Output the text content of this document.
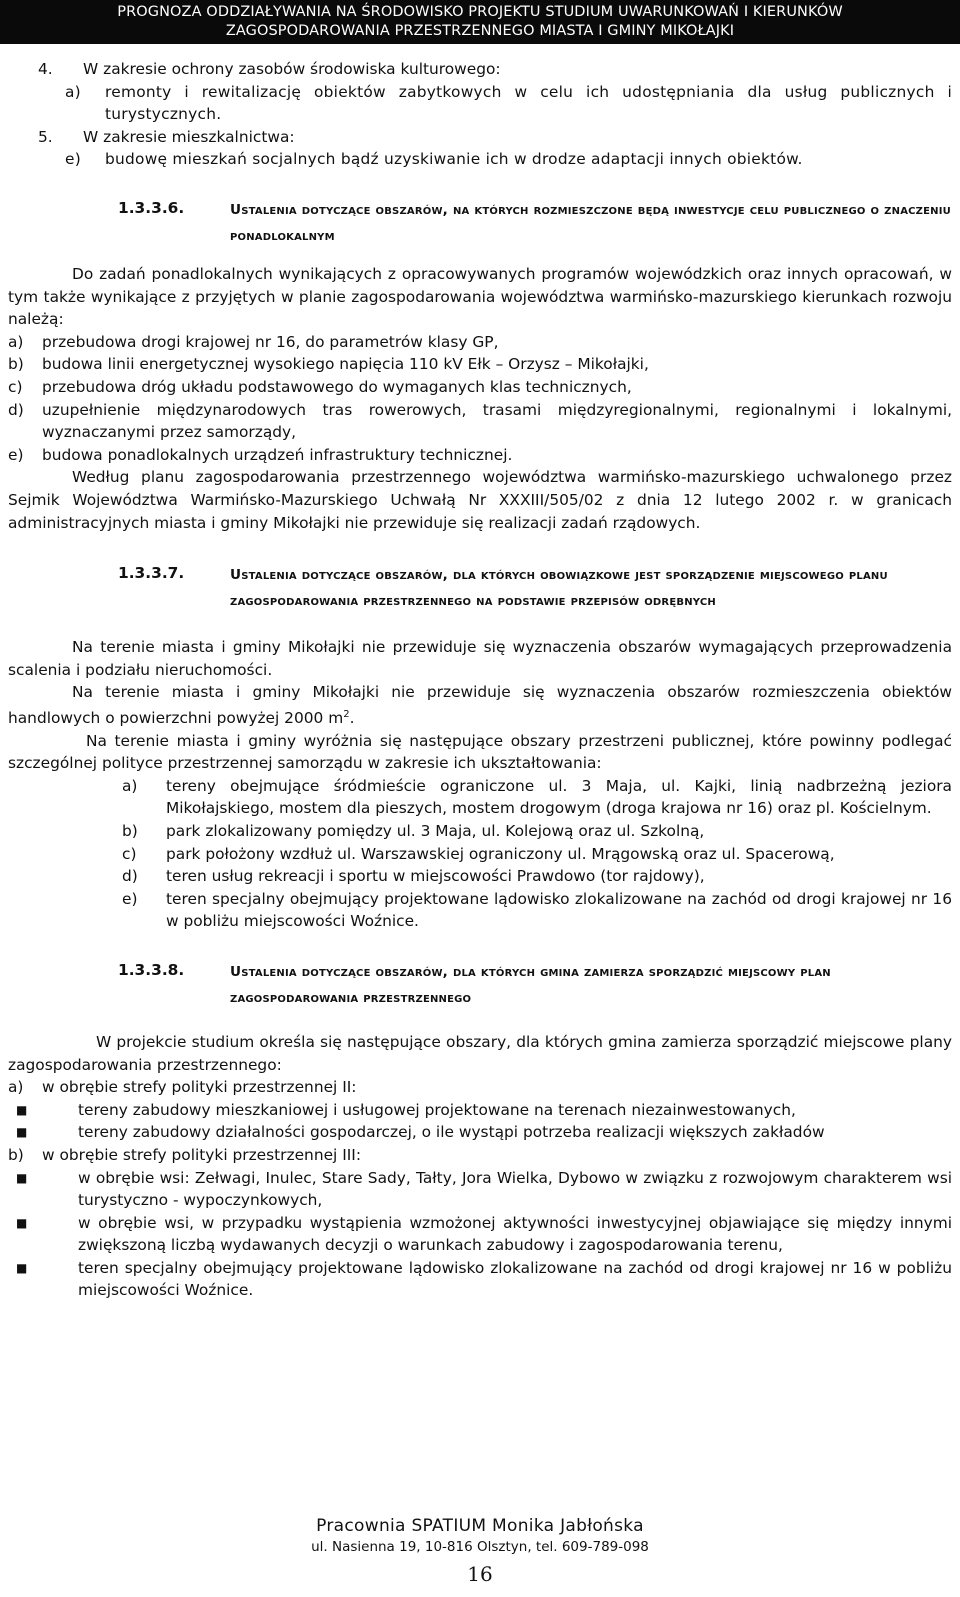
PROGNOZA ODDZIAŁYWANIA NA ŚRODOWISKO PROJEKTU STUDIUM UWARUNKOWAŃ I KIERUNKÓW
ZAGOSPODAROWANIA PRZESTRZENNEGO MIASTA I GMINY MIKOŁAJKI
4.	W zakresie ochrony zasobów środowiska kulturowego:
a)	remonty i rewitalizację obiektów zabytkowych w celu ich udostępniania dla usług publicznych i turystycznych.
5.	W zakresie mieszkalnictwa:
e)	budowę mieszkań socjalnych bądź uzyskiwanie ich w drodze adaptacji innych obiektów.
1.3.3.6.	Ustalenia dotyczące obszarów, na których rozmieszczone będą inwestycje celu publicznego o znaczeniu ponadlokalnym
Do zadań ponadlokalnych wynikających z opracowywanych programów wojewódzkich oraz innych opracowań, w tym także wynikające z przyjętych w planie zagospodarowania województwa warmińsko-mazurskiego kierunkach rozwoju należą:
a)	przebudowa drogi krajowej nr 16, do parametrów klasy GP,
b)	budowa linii energetycznej wysokiego napięcia 110 kV Ełk – Orzysz – Mikołajki,
c)	przebudowa dróg układu podstawowego do wymaganych klas technicznych,
d)	uzupełnienie międzynarodowych tras rowerowych, trasami międzyregionalnymi, regionalnymi i lokalnymi, wyznaczanymi przez samorządy,
e)	budowa ponadlokalnych urządzeń infrastruktury technicznej.
Według planu zagospodarowania przestrzennego województwa warmińsko-mazurskiego uchwalonego przez Sejmik Województwa Warmińsko-Mazurskiego Uchwałą Nr XXXIII/505/02 z dnia 12 lutego 2002 r. w granicach administracyjnych miasta i gminy Mikołajki nie przewiduje się realizacji zadań rządowych.
1.3.3.7.	Ustalenia dotyczące obszarów, dla których obowiązkowe jest sporządzenie miejscowego planu zagospodarowania przestrzennego na podstawie przepisów odrębnych
Na terenie miasta i gminy Mikołajki nie przewiduje się wyznaczenia obszarów wymagających przeprowadzenia scalenia i podziału nieruchomości.
Na terenie miasta i gminy Mikołajki nie przewiduje się wyznaczenia obszarów rozmieszczenia obiektów handlowych o powierzchni powyżej 2000 $m^2$.
Na terenie miasta i gminy wyróżnia się następujące obszary przestrzeni publicznej, które powinny podlegać szczególnej polityce przestrzennej samorządu w zakresie ich ukształtowania:
a)	tereny obejmujące śródmieście ograniczone ul. 3 Maja, ul. Kajki, linią nadbrzeżną jeziora Mikołajskiego, mostem dla pieszych, mostem drogowym (droga krajowa nr 16) oraz pl. Kościelnym.
b)	park zlokalizowany pomiędzy ul. 3 Maja, ul. Kolejową oraz ul. Szkolną,
c)	park położony wzdłuż ul. Warszawskiej ograniczony ul. Mrągowską oraz ul. Spacerową,
d)	teren usług rekreacji i sportu w miejscowości Prawdowo (tor rajdowy),
e)	teren specjalny obejmujący projektowane lądowisko zlokalizowane na zachód od drogi krajowej nr 16 w pobliżu miejscowości Woźnice.
1.3.3.8.	Ustalenia dotyczące obszarów, dla których gmina zamierza sporządzić miejscowy plan zagospodarowania przestrzennego
W projekcie studium określa się następujące obszary, dla których gmina zamierza sporządzić miejscowe plany zagospodarowania przestrzennego:
a)	w obrębie strefy polityki przestrzennej II:
■	tereny zabudowy mieszkaniowej i usługowej projektowane na terenach niezainwestowanych,
■	tereny zabudowy działalności gospodarczej, o ile wystąpi potrzeba realizacji większych zakładów
b)	w obrębie strefy polityki przestrzennej III:
■	w obrębie wsi: Zełwagi, Inulec, Stare Sady, Tałty, Jora Wielka, Dybowo w związku z rozwojowym charakterem wsi turystyczno - wypoczynkowych,
■	w obrębie wsi, w przypadku wystąpienia wzmożonej aktywności inwestycyjnej objawiające się między innymi zwiększoną liczbą wydawanych decyzji o warunkach zabudowy i zagospodarowania terenu,
■	teren specjalny obejmujący projektowane lądowisko zlokalizowane na zachód od drogi krajowej nr 16 w pobliżu miejscowości Woźnice.
Pracownia SPATIUM Monika Jabłońska
ul. Nasienna 19, 10-816 Olsztyn, tel. 609-789-098
16
